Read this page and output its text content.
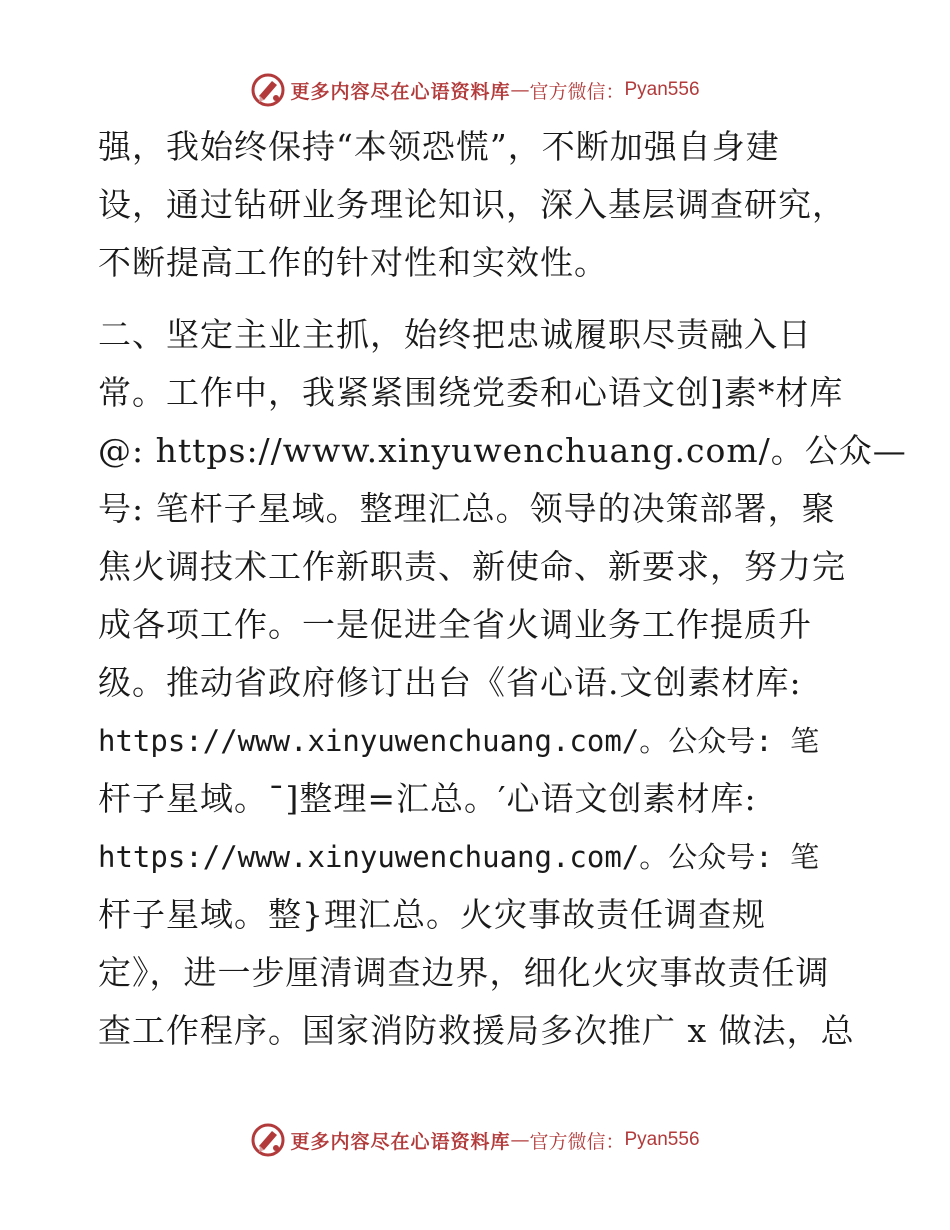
更多内容尽在心语资料库 — 官方微信： Pyan556
强，我始终保持“本领恐慌”，不断加强自身建
设，通过钻研业务理论知识，深入基层调查研究，
不断提高工作的针对性和实效性。
二、坚定主业主抓，始终把忠诚履职尽责融入日
常。工作中，我紧紧围绕党委和心语文创]素*材库
@: https://www.xinyuwenchuang.com/。公众—
号: 笔杆子星域。整理汇总。领导的决策部署，聚
焦火调技术工作新职责、新使命、新要求，努力完
成各项工作。一是促进全省火调业务工作提质升
级。推动省政府修订出台《省心语.文创素材库:
https://www.xinyuwenchuang.com/。公众号: 笔
杆子星域。¯]整理=汇总。′心语文创素材库:
https://www.xinyuwenchuang.com/。公众号: 笔
杆子星域。整}理汇总。火灾事故责任调查规
定》，进一步厘清调查边界，细化火灾事故责任调
查工作程序。国家消防救援局多次推广 x 做法，总
更多内容尽在心语资料库 — 官方微信： Pyan556
